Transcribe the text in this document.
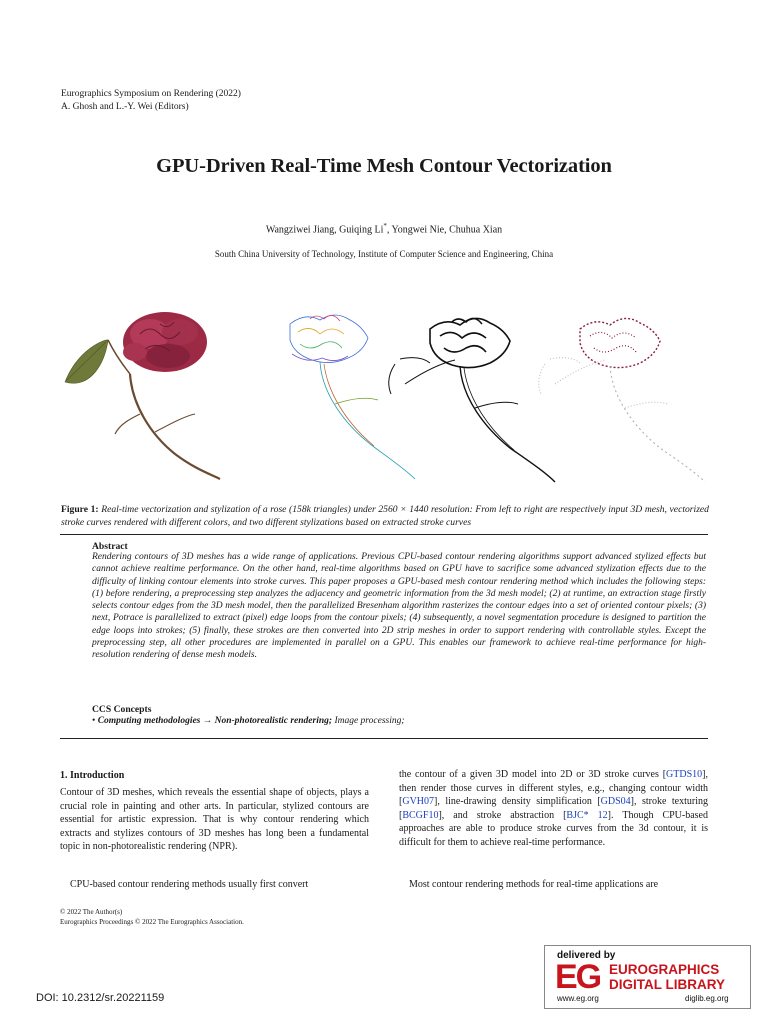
Eurographics Symposium on Rendering (2022)
A. Ghosh and L.-Y. Wei (Editors)
GPU-Driven Real-Time Mesh Contour Vectorization
Wangziwei Jiang, Guiqing Li*, Yongwei Nie, Chuhua Xian
South China University of Technology, Institute of Computer Science and Engineering, China
Figure 1: Real-time vectorization and stylization of a rose (158k triangles) under 2560 × 1440 resolution: From left to right are respectively input 3D mesh, vectorized stroke curves rendered with different colors, and two different stylizations based on extracted stroke curves
Abstract
Rendering contours of 3D meshes has a wide range of applications. Previous CPU-based contour rendering algorithms support advanced stylized effects but cannot achieve realtime performance. On the other hand, real-time algorithms based on GPU have to sacrifice some advanced stylization effects due to the difficulty of linking contour elements into stroke curves. This paper proposes a GPU-based mesh contour rendering method which includes the following steps: (1) before rendering, a preprocessing step analyzes the adjacency and geometric information from the 3d mesh model; (2) at runtime, an extraction stage firstly selects contour edges from the 3D mesh model, then the parallelized Bresenham algorithm rasterizes the contour edges into a set of oriented contour pixels; (3) next, Potrace is parallelized to extract (pixel) edge loops from the contour pixels; (4) subsequently, a novel segmentation procedure is designed to partition the edge loops into strokes; (5) finally, these strokes are then converted into 2D strip meshes in order to support rendering with controllable styles. Except the preprocessing step, all other procedures are implemented in parallel on a GPU. This enables our framework to achieve real-time performance for high-resolution rendering of dense mesh models.
CCS Concepts
• Computing methodologies → Non-photorealistic rendering; Image processing;
1. Introduction
Contour of 3D meshes, which reveals the essential shape of objects, plays a crucial role in painting and other arts. In particular, stylized contours are essential for artistic expression. That is why contour rendering which extracts and stylizes contours of 3D meshes has long been a fundamental topic in non-photorealistic rendering (NPR).
CPU-based contour rendering methods usually first convert
the contour of a given 3D model into 2D or 3D stroke curves [GTDS10], then render those curves in different styles, e.g., changing contour width [GVH07], line-drawing density simplification [GDS04], stroke texturing [BCGF10], and stroke abstraction [BJC* 12]. Though CPU-based approaches are able to produce stroke curves from the 3d contour, it is difficult for them to achieve real-time performance.
Most contour rendering methods for real-time applications are
© 2022 The Author(s)
Eurographics Proceedings © 2022 The Eurographics Association.
DOI: 10.2312/sr.20221159
delivered by
EG EUROGRAPHICS
DIGITAL LIBRARY
www.eg.org	diglib.eg.org
